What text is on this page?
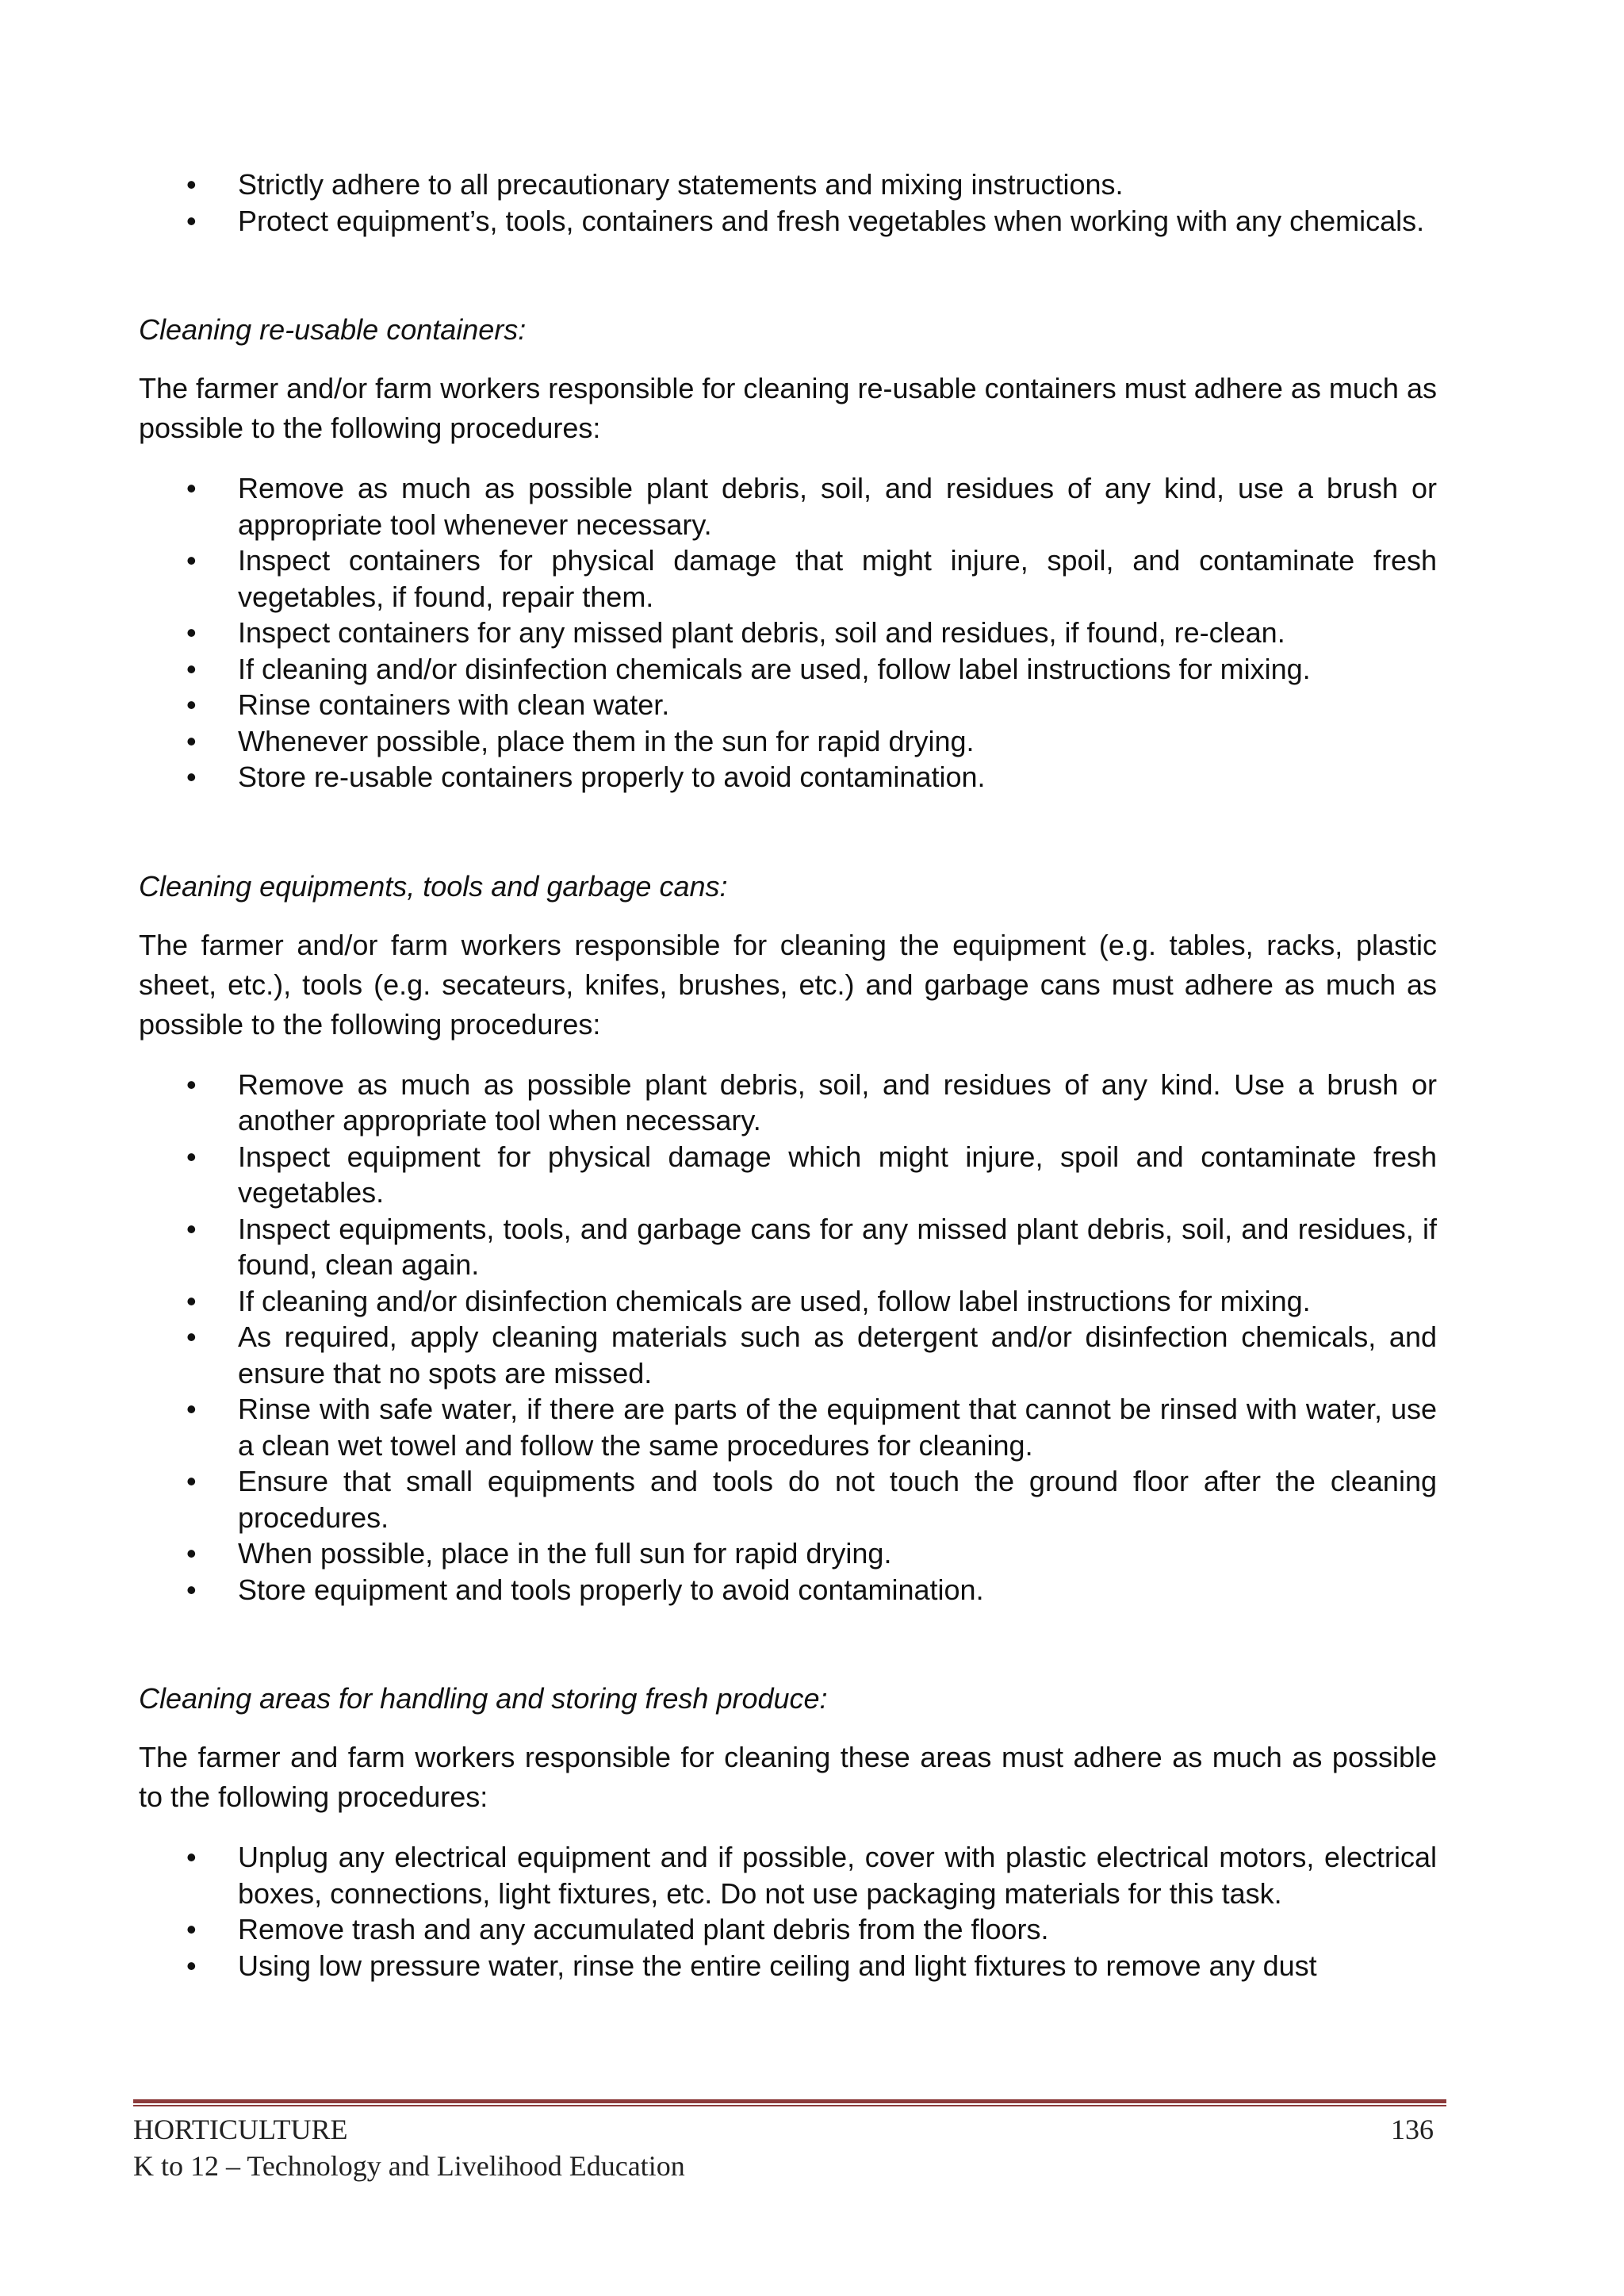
• Strictly adhere to all precautionary statements and mixing instructions.
• Protect equipment’s, tools, containers and fresh vegetables when working with any chemicals.

Cleaning re-usable containers:

The farmer and/or farm workers responsible for cleaning re-usable containers must adhere as much as possible to the following procedures:

• Remove as much as possible plant debris, soil, and residues of any kind, use a brush or appropriate tool whenever necessary.
• Inspect containers for physical damage that might injure, spoil, and contaminate fresh vegetables, if found, repair them.
• Inspect containers for any missed plant debris, soil and residues, if found, re-clean.
• If cleaning and/or disinfection chemicals are used, follow label instructions for mixing.
• Rinse containers with clean water.
• Whenever possible, place them in the sun for rapid drying.
• Store re-usable containers properly to avoid contamination.

Cleaning equipments, tools and garbage cans:

The farmer and/or farm workers responsible for cleaning the equipment (e.g. tables, racks, plastic sheet, etc.), tools (e.g. secateurs, knifes, brushes, etc.) and garbage cans must adhere as much as possible to the following procedures:

• Remove as much as possible plant debris, soil, and residues of any kind. Use a brush or another appropriate tool when necessary.
• Inspect equipment for physical damage which might injure, spoil and contaminate fresh vegetables.
• Inspect equipments, tools, and garbage cans for any missed plant debris, soil, and residues, if found, clean again.
• If cleaning and/or disinfection chemicals are used, follow label instructions for mixing.
• As required, apply cleaning materials such as detergent and/or disinfection chemicals, and ensure that no spots are missed.
• Rinse with safe water, if there are parts of the equipment that cannot be rinsed with water, use a clean wet towel and follow the same procedures for cleaning.
• Ensure that small equipments and tools do not touch the ground floor after the cleaning procedures.
• When possible, place in the full sun for rapid drying.
• Store equipment and tools properly to avoid contamination.

Cleaning areas for handling and storing fresh produce:

The farmer and farm workers responsible for cleaning these areas must adhere as much as possible to the following procedures:

• Unplug any electrical equipment and if possible, cover with plastic electrical motors, electrical boxes, connections, light fixtures, etc. Do not use packaging materials for this task.
• Remove trash and any accumulated plant debris from the floors.
• Using low pressure water, rinse the entire ceiling and light fixtures to remove any dust
HORTICULTURE	136
K to 12 – Technology and Livelihood Education
